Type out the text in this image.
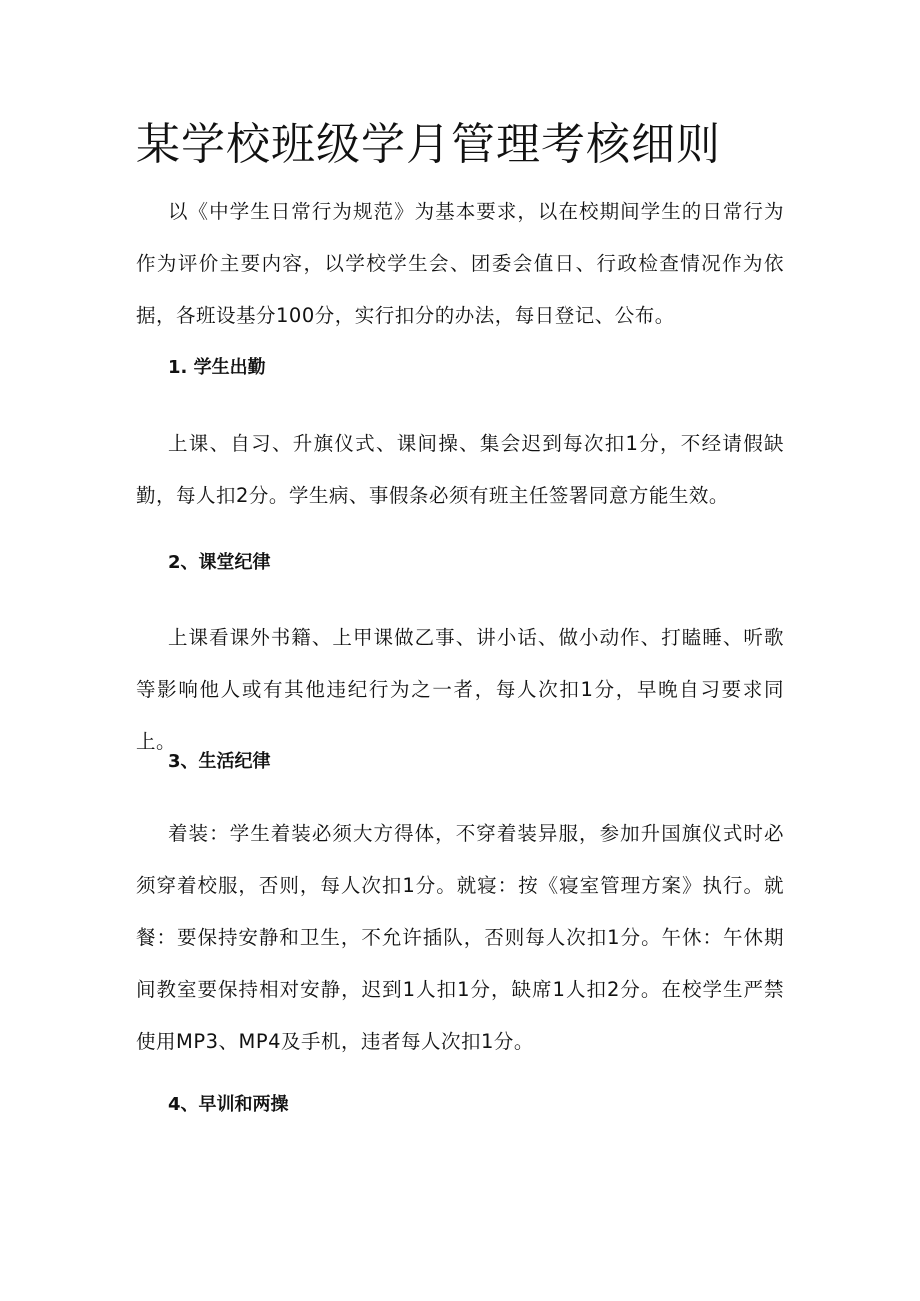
某学校班级学月管理考核细则

以《中学生日常行为规范》为基本要求，以在校期间学生的日常行为作为评价主要内容，以学校学生会、团委会值日、行政检查情况作为依据，各班设基分100分，实行扣分的办法，每日登记、公布。

1. 学生出勤

上课、自习、升旗仪式、课间操、集会迟到每次扣1分，不经请假缺勤，每人扣2分。学生病、事假条必须有班主任签署同意方能生效。

2、课堂纪律

上课看课外书籍、上甲课做乙事、讲小话、做小动作、打瞌睡、听歌等影响他人或有其他违纪行为之一者，每人次扣1分，早晚自习要求同上。

3、生活纪律

着装：学生着装必须大方得体，不穿着装异服，参加升国旗仪式时必须穿着校服，否则，每人次扣1分。就寝：按《寝室管理方案》执行。就餐：要保持安静和卫生，不允许插队，否则每人次扣1分。午休：午休期间教室要保持相对安静，迟到1人扣1分，缺席1人扣2分。在校学生严禁使用MP3、MP4及手机，违者每人次扣1分。

4、早训和两操
